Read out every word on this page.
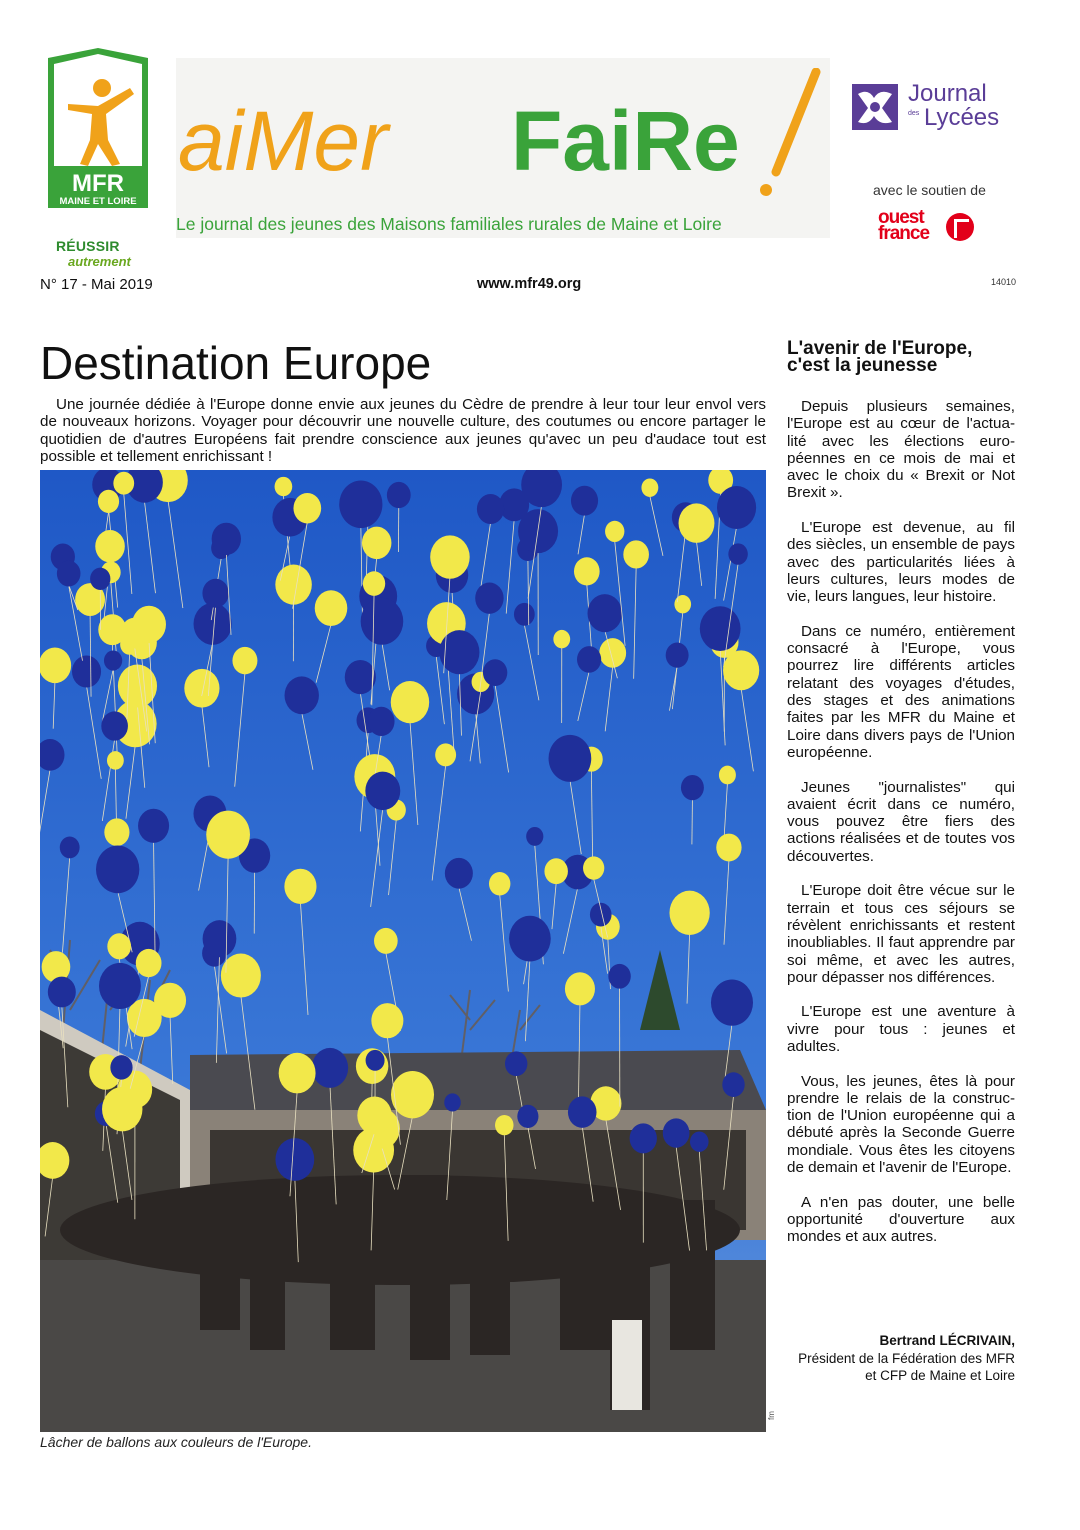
MFR
MAINE ET LOIRE
RÉUSSIR
autrement
aiMer FaiRe
Le journal des jeunes des Maisons familiales rurales de Maine et Loire
Journal
des Lycées
avec le soutien de
ouest
france
N° 17 - Mai 2019	www.mfr49.org	14010
Destination Europe

Une journée dédiée à l'Europe donne envie aux jeunes du Cèdre de prendre à leur tour leur envol vers de nouveaux horizons. Voyager pour découvrir une nouvelle culture, des coutumes ou encore partager le quotidien de d'autres Européens fait prendre conscience aux jeunes qu'avec un peu d'audace tout est possible et tellement enrichissant !

fm
Lâcher de ballons aux couleurs de l'Europe.
L'avenir de l'Europe,
c'est la jeunesse

Depuis plusieurs semaines, l'Europe est au cœur de l'actualité avec les élections européennes en ce mois de mai et avec le choix du « Brexit or Not Brexit ».

L'Europe est devenue, au fil des siècles, un ensemble de pays avec des particularités liées à leurs cultures, leurs modes de vie, leurs langues, leur histoire.

Dans ce numéro, entièrement consacré à l'Europe, vous pourrez lire différents articles relatant des voyages d'études, des stages et des animations faites par les MFR du Maine et Loire dans divers pays de l'Union européenne.

Jeunes "journalistes" qui avaient écrit dans ce numéro, vous pouvez être fiers des actions réalisées et de toutes vos découvertes.

L'Europe doit être vécue sur le terrain et tous ces séjours se révèlent enrichissants et restent inoubliables. Il faut apprendre par soi même, et avec les autres, pour dépasser nos différences.

L'Europe est une aventure à vivre pour tous : jeunes et adultes.

Vous, les jeunes, êtes là pour prendre le relais de la construction de l'Union européenne qui a débuté après la Seconde Guerre mondiale. Vous êtes les citoyens de demain et l'avenir de l'Europe.

A n'en pas douter, une belle opportunité d'ouverture aux mondes et aux autres.

Bertrand LÉCRIVAIN,
Président de la Fédération des MFR
et CFP de Maine et Loire
